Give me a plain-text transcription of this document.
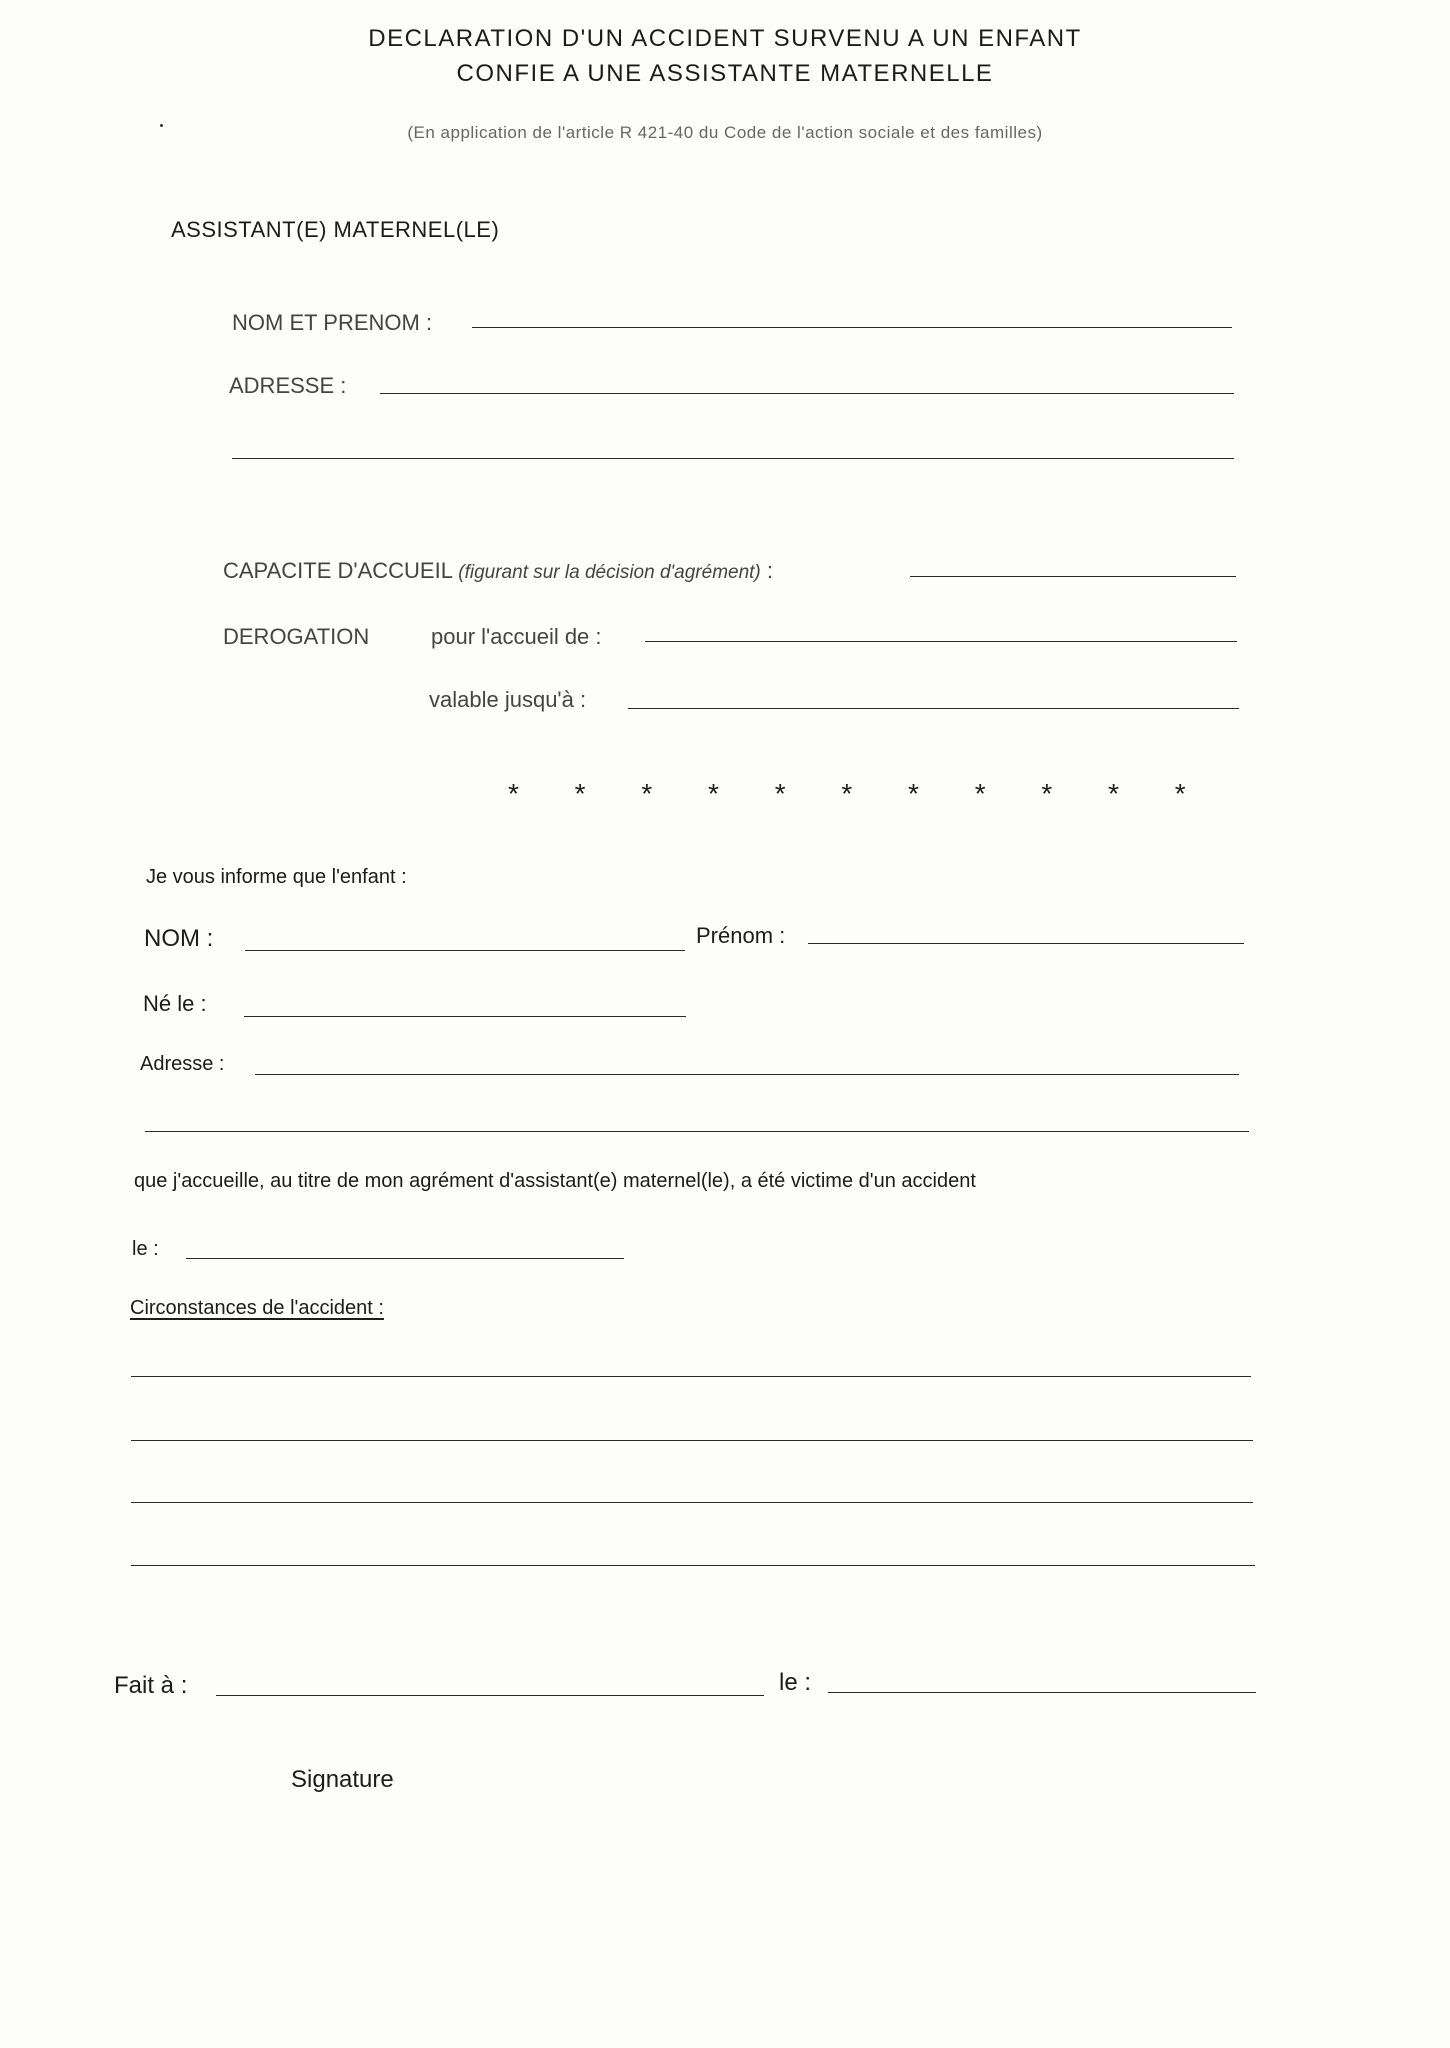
DECLARATION D'UN ACCIDENT SURVENU A UN ENFANT
CONFIE A UNE ASSISTANTE MATERNELLE
(En application de l'article R 421-40 du Code de l'action sociale et des familles)
ASSISTANT(E) MATERNEL(LE)
NOM ET PRENOM :
ADRESSE :
CAPACITE D'ACCUEIL (figurant sur la décision d'agrément) :
DEROGATION	pour l'accueil de :
valable jusqu'à :
* * * * * * * * * * *
Je vous informe que l'enfant :
NOM :	Prénom :
Né le :
Adresse :
que j'accueille, au titre de mon agrément d'assistant(e) maternel(le), a été victime d'un accident
le :
Circonstances de l'accident :
Fait à :	le :
Signature
